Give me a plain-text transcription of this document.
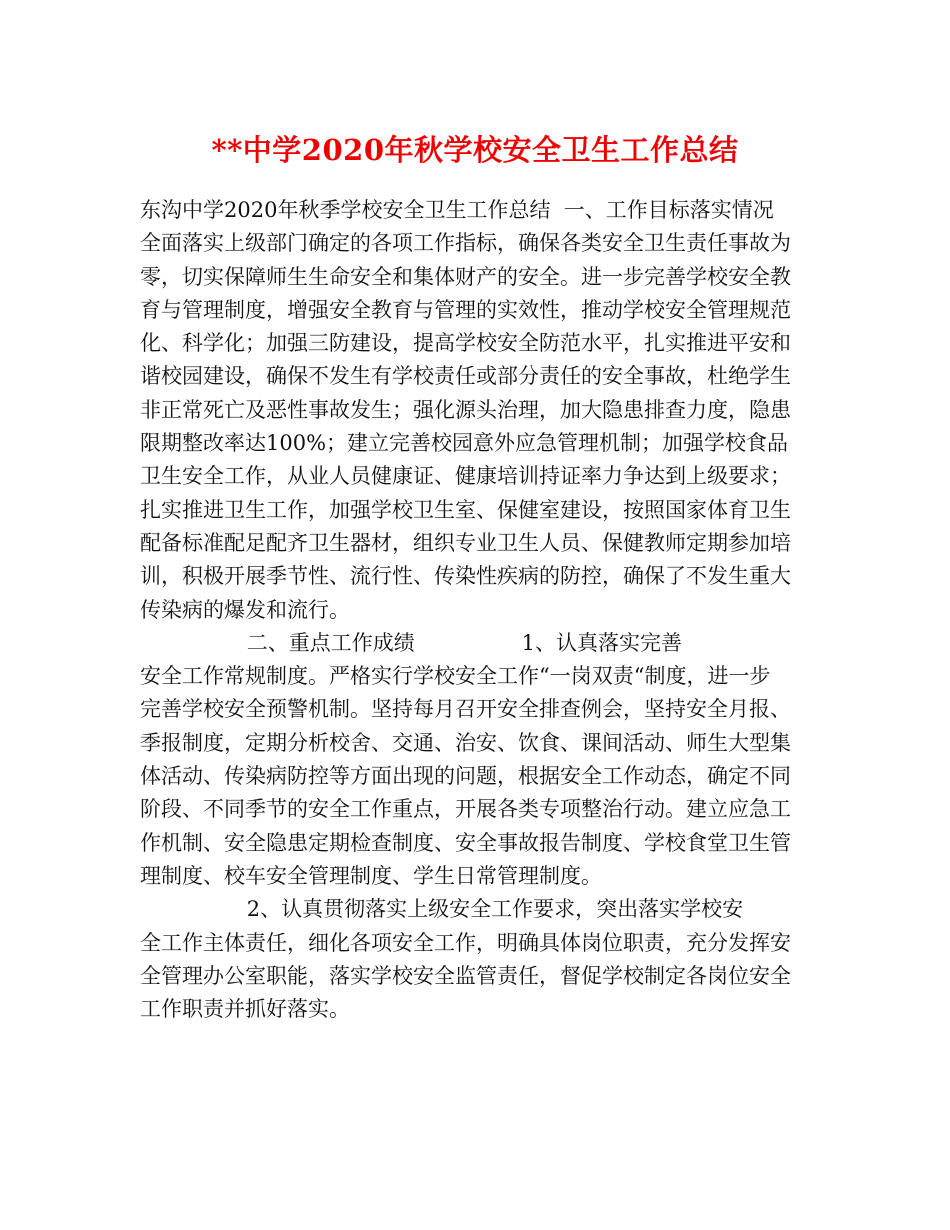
**中学2020年秋学校安全卫生工作总结
东沟中学2020年秋季学校安全卫生工作总结  一、工作目标落实情况
全面落实上级部门确定的各项工作指标，确保各类安全卫生责任事故为
零，切实保障师生生命安全和集体财产的安全。进一步完善学校安全教
育与管理制度，增强安全教育与管理的实效性，推动学校安全管理规范
化、科学化；加强三防建设，提高学校安全防范水平，扎实推进平安和
谐校园建设，确保不发生有学校责任或部分责任的安全事故，杜绝学生
非正常死亡及恶性事故发生；强化源头治理，加大隐患排查力度，隐患
限期整改率达100%；建立完善校园意外应急管理机制；加强学校食品
卫生安全工作，从业人员健康证、健康培训持证率力争达到上级要求；
扎实推进卫生工作，加强学校卫生室、保健室建设，按照国家体育卫生
配备标准配足配齐卫生器材，组织专业卫生人员、保健教师定期参加培
训，积极开展季节性、流行性、传染性疾病的防控，确保了不发生重大
传染病的爆发和流行。
二、重点工作成绩                1、认真落实完善
安全工作常规制度。严格实行学校安全工作“一岗双责“制度，进一步
完善学校安全预警机制。坚持每月召开安全排查例会，坚持安全月报、
季报制度，定期分析校舍、交通、治安、饮食、课间活动、师生大型集
体活动、传染病防控等方面出现的问题，根据安全工作动态，确定不同
阶段、不同季节的安全工作重点，开展各类专项整治行动。建立应急工
作机制、安全隐患定期检查制度、安全事故报告制度、学校食堂卫生管
理制度、校车安全管理制度、学生日常管理制度。
2、认真贯彻落实上级安全工作要求，突出落实学校安
全工作主体责任，细化各项安全工作，明确具体岗位职责，充分发挥安
全管理办公室职能，落实学校安全监管责任，督促学校制定各岗位安全
工作职责并抓好落实。
